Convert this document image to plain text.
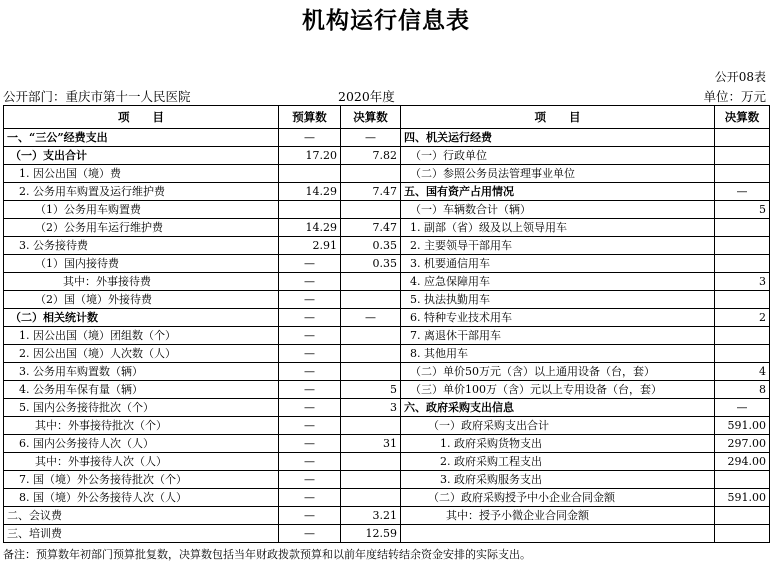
机构运行信息表
公开08表
公开部门：重庆市第十一人民医院	2020年度	单位：万元
项　　目	预算数	决算数	项　　目	决算数
一、“三公”经费支出	—	—	四、机关运行经费	
（一）支出合计	17.20	7.82	（一）行政单位	
1. 因公出国（境）费			（二）参照公务员法管理事业单位	
2. 公务用车购置及运行维护费	14.29	7.47	五、国有资产占用情况	—
（1）公务用车购置费			（一）车辆数合计（辆）	5
（2）公务用车运行维护费	14.29	7.47	1. 副部（省）级及以上领导用车	
3. 公务接待费	2.91	0.35	2. 主要领导干部用车	
（1）国内接待费	—	0.35	3. 机要通信用车	
其中：外事接待费	—		4. 应急保障用车	3
（2）国（境）外接待费	—		5. 执法执勤用车	
（二）相关统计数	—	—	6. 特种专业技术用车	2
1. 因公出国（境）团组数（个）	—		7. 离退休干部用车	
2. 因公出国（境）人次数（人）	—		8. 其他用车	
3. 公务用车购置数（辆）	—		（二）单价50万元（含）以上通用设备（台，套）	4
4. 公务用车保有量（辆）	—	5	（三）单价100万（含）元以上专用设备（台，套）	8
5. 国内公务接待批次（个）	—	3	六、政府采购支出信息	—
其中：外事接待批次（个）	—		（一）政府采购支出合计	591.00
6. 国内公务接待人次（人）	—	31	1. 政府采购货物支出	297.00
其中：外事接待人次（人）	—		2. 政府采购工程支出	294.00
7. 国（境）外公务接待批次（个）	—		3. 政府采购服务支出	
8. 国（境）外公务接待人次（人）	—		（二）政府采购授予中小企业合同金额	591.00
二、会议费	—	3.21	其中：授予小微企业合同金额	
三、培训费	—	12.59		
备注：预算数年初部门预算批复数，决算数包括当年财政拨款预算和以前年度结转结余资金安排的实际支出。
